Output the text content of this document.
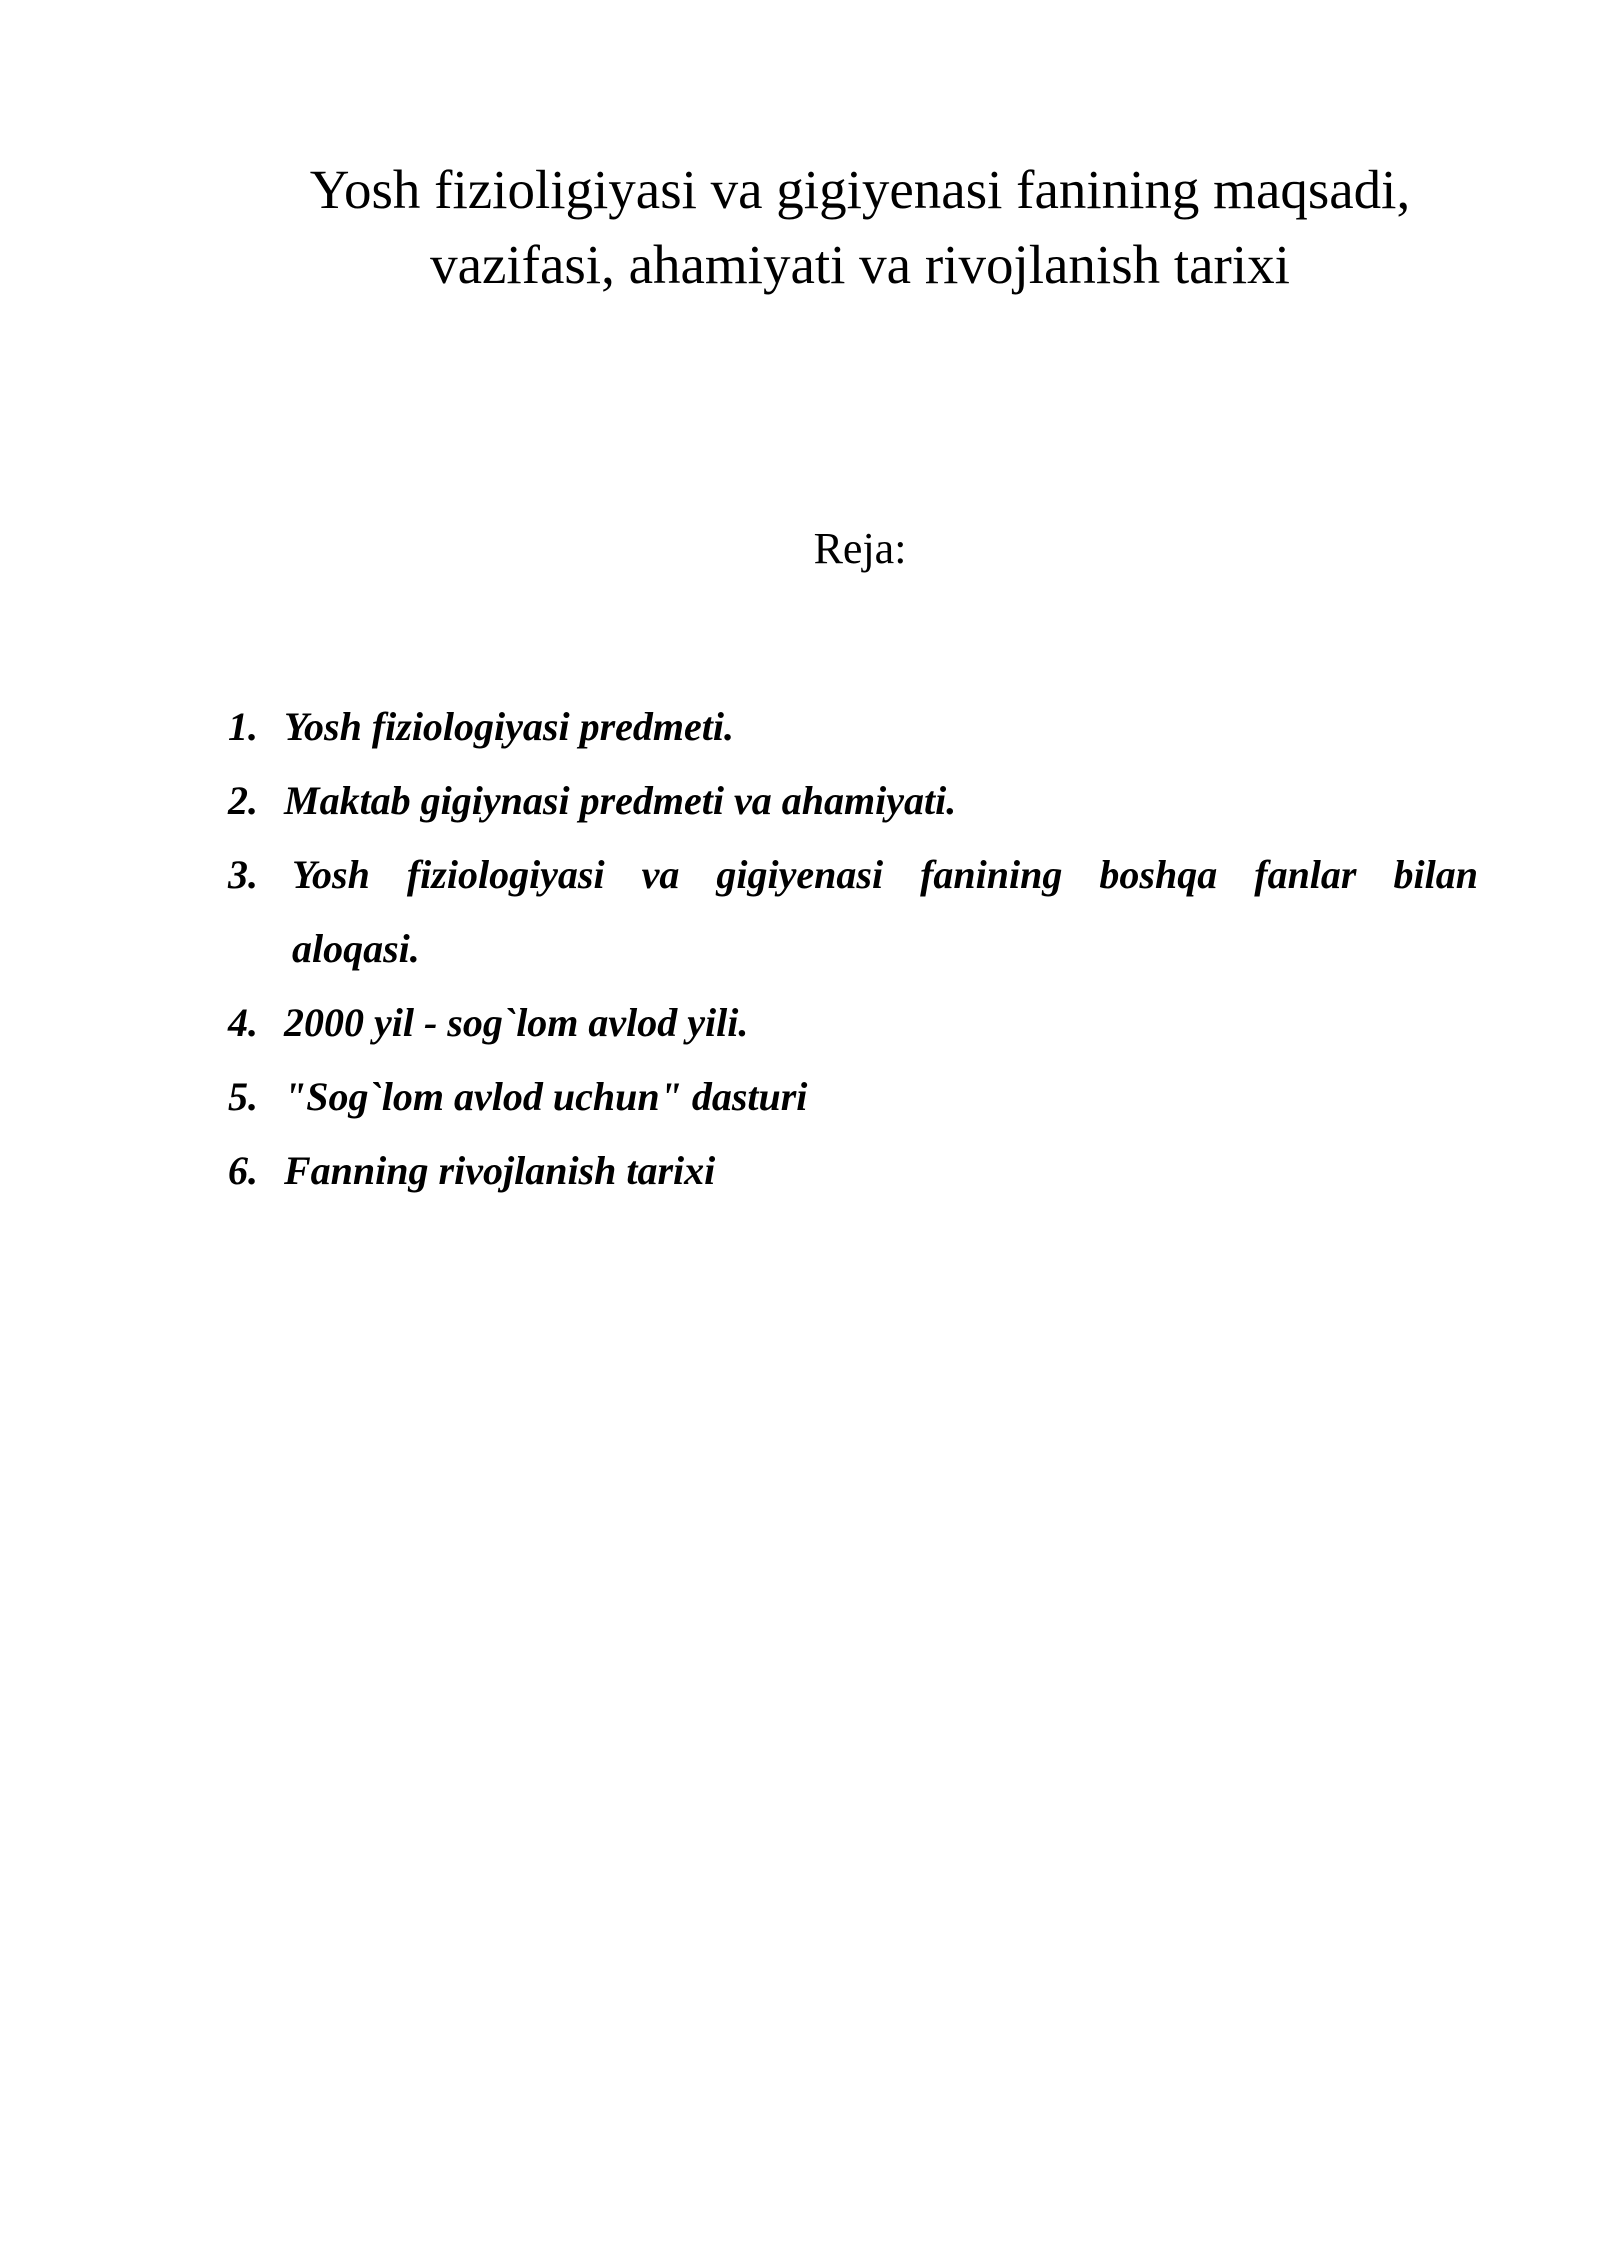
Yosh fizioligiyasi va gigiyenasi fanining maqsadi,
vazifasi, ahamiyati va rivojlanish tarixi

Reja:

1. Yosh fiziologiyasi predmeti.
2. Maktab gigiynasi predmeti va ahamiyati.
3. Yosh fiziologiyasi va gigiyenasi fanining boshqa fanlar bilan
aloqasi.
4. 2000 yil - sog`lom avlod yili.
5. "Sog`lom avlod uchun" dasturi
6. Fanning rivojlanish tarixi
